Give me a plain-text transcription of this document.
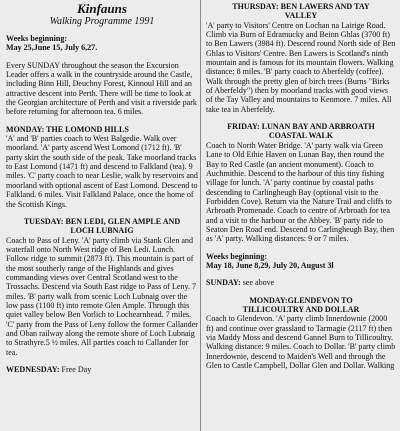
Kinfauns
Walking Programme 1991
Weeks beginning:
May 25,June 15, July 6,27.

Every SUNDAY throughout the season the Excursion Leader offers a walk in the countryside around the Castle, including Binn Hill, Deuchny Forest, Kinnoul Hill and an attractive descent into Perth. There will be time to look at the Georgian architecture of Perth and visit a riverside park before returning for afternoon tea. 6 miles.

MONDAY: THE LOMOND HILLS

'A' and 'B' parties coach to West Balgedie. Walk over moorland. 'A' party ascend West Lomond (1712 ft). 'B' party skirt the south side of the peak. Take moorland tracks to East Lomond (1471 ft) and descend to Falkland (tea). 9 miles. 'C' party coach to near Leslie, walk by reservoirs and moorland with optional ascent of East Lomond. Descend to Falkland. 6 miles. Visit Falkland Palace, once the home of the Scottish Kings.

TUESDAY: BEN LEDI, GLEN AMPLE AND

LOCH LUBNAIG

Coach to Pass of Leny. 'A' party climb via Stank Glen and waterfall onto North West ridge of Ben Ledi. Lunch. Follow ridge to summit (2873 ft). This mountain is part of the most southerly range of the Highlands and gives commanding views over Central Scotland west to the Trossachs. Descend via South East ridge to Pass of Leny. 7 miles. 'B' party walk from scenic Loch Lubnaig over the low pass (1100 ft) into remote Glen Ample. Through this quiet valley below Ben Vorlich to Lochearnhead. 7 miles. 'C' party from the Pass of Leny follow the former Callander and Oban railway along the remote shore of Loch Lubnaig to Strathyre.5 ½ miles. All parties coach to Callander for tea.

WEDNESDAY: Free Day

THURSDAY: BEN LAWERS AND TAY

VALLEY

'A' party to Visitors' Centre on Lochan na Lairige Road. Climb via Burn of Edramucky and Beinn Ghlas (3700 ft) to Ben Lawers (3984 ft). Descend round North side of Ben Ghlas to Visitors' Centre. Ben Lawers is Scotland's ninth mountain and is famous for its mountain flowers. Walking distance: 8 miles. 'B' party coach to Aberfeldy (coffee). Walk through the pretty glen of birch trees (Burns "Birks of Aberfeldy") then by moorland tracks with good views of the Tay Valley and mountains to Kenmore. 7 miles. All take tea in Aberfeldy.

FRIDAY: LUNAN BAY AND ARBROATH

COASTAL WALK

Coach to North Water Bridge. 'A' party walk via Green Lane to Old Ethie Haven on Lunan Bay, then round the Bay to Red Castle (an ancient monument). Coach to Auchmithie. Descend to the harbour of this tiny fishing village for lunch. 'A' party continue by coastal paths descending to Carlingheugh Bay (optional visit to the Forbidden Cove). Return via the Nature Trail and cliffs to Arbroath Promenade. Coach to centre of Arbroath for tea and a visit to the harbour or the Abbey. 'B' party ride to Seaton Den Road end. Descend to Carlingheugh Bay, then as 'A' party. Walking distances: 9 or 7 miles.

Weeks beginning:
May 18, June 8,29, July 20, August 3l
SUNDAY: see above

MONDAY:GLENDEVON TO

TILLICOULTRY AND DOLLAR

Coach to Glendevon. 'A' party climb Innerdownie (2000 ft) and continue over grassland to Tarmagie (2117 ft) then via Maddy Moss and descend Gannel Burn to Tillicoultry. Walking distance: 9 miles. Coach to Dollar. 'B' party climb Innerdownie, descend to Maiden's Well and through the Glen to Castle Campbell, Dollar Glen and Dollar. Walking
